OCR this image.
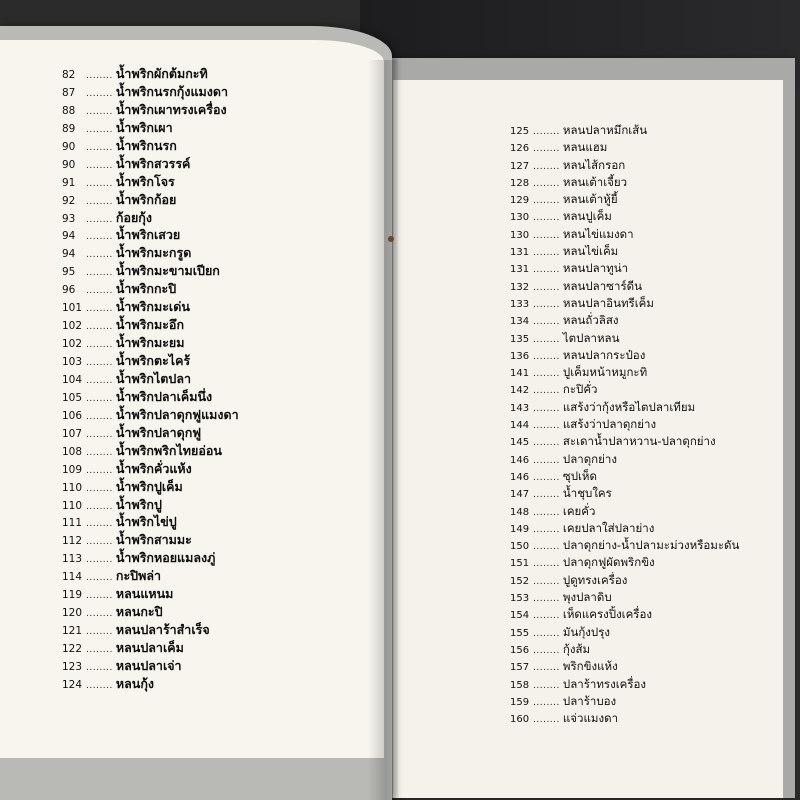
82 ........ น้ำพริกผักต้มกะทิ
87 ........ น้ำพริกนรกกุ้งแมงดา
88 ........ น้ำพริกเผาทรงเครื่อง
89 ........ น้ำพริกเผา
90 ........ น้ำพริกนรก
90 ........ น้ำพริกสวรรค์
91 ........ น้ำพริกโจร
92 ........ น้ำพริกก้อย
93 ........ ก้อยกุ้ง
94 ........ น้ำพริกเสวย
94 ........ น้ำพริกมะกรูด
95 ........ น้ำพริกมะขามเปียก
96 ........ น้ำพริกกะปิ
101 ........ น้ำพริกมะเด่น
102 ........ น้ำพริกมะอึก
102 ........ น้ำพริกมะยม
103 ........ น้ำพริกตะไคร้
104 ........ น้ำพริกไตปลา
105 ........ น้ำพริกปลาเค็มนึ่ง
106 ........ น้ำพริกปลาดุกฟูแมงดา
107 ........ น้ำพริกปลาดุกฟู
108 ........ น้ำพริกพริกไทยอ่อน
109 ........ น้ำพริกคั่วแห้ง
110 ........ น้ำพริกปูเค็ม
110 ........ น้ำพริกปู
111 ........ น้ำพริกไข่ปู
112 ........ น้ำพริกสามมะ
113 ........ น้ำพริกหอยแมลงภู่
114 ........ กะปิพล่า
119 ........ หลนแหนม
120 ........ หลนกะปิ
121 ........ หลนปลาร้าสำเร็จ
122 ........ หลนปลาเค็ม
123 ........ หลนปลาเจ่า
124 ........ หลนกุ้ง
125 ........ หลนปลาหมึกเส้น
126 ........ หลนแฮม
127 ........ หลนไส้กรอก
128 ........ หลนเต้าเจี้ยว
129 ........ หลนเต้าหู้ยี้
130 ........ หลนปูเค็ม
130 ........ หลนไข่แมงดา
131 ........ หลนไข่เค็ม
131 ........ หลนปลาทูน่า
132 ........ หลนปลาซาร์ดีน
133 ........ หลนปลาอินทรีเค็ม
134 ........ หลนถั่วลิสง
135 ........ ไตปลาหลน
136 ........ หลนปลากระป๋อง
141 ........ ปูเค็มหน้าหมูกะทิ
142 ........ กะปิคั่ว
143 ........ แสร้งว่ากุ้งหรือไตปลาเทียม
144 ........ แสร้งว่าปลาดุกย่าง
145 ........ สะเดาน้ำปลาหวาน-ปลาดุกย่าง
146 ........ ปลาดุกย่าง
146 ........ ซุปเห็ด
147 ........ น้ำชุบใคร
148 ........ เคยคั่ว
149 ........ เคยปลาใส่ปลาย่าง
150 ........ ปลาดุกย่าง-น้ำปลามะม่วงหรือมะดัน
151 ........ ปลาดุกฟูผัดพริกขิง
152 ........ ปูดูทรงเครื่อง
153 ........ พุงปลาดิบ
154 ........ เห็ดแครงปิ้งเครื่อง
155 ........ มันกุ้งปรุง
156 ........ กุ้งส้ม
157 ........ พริกขิงแห้ง
158 ........ ปลาร้าทรงเครื่อง
159 ........ ปลาร้าบอง
160 ........ แจ่วแมงดา
